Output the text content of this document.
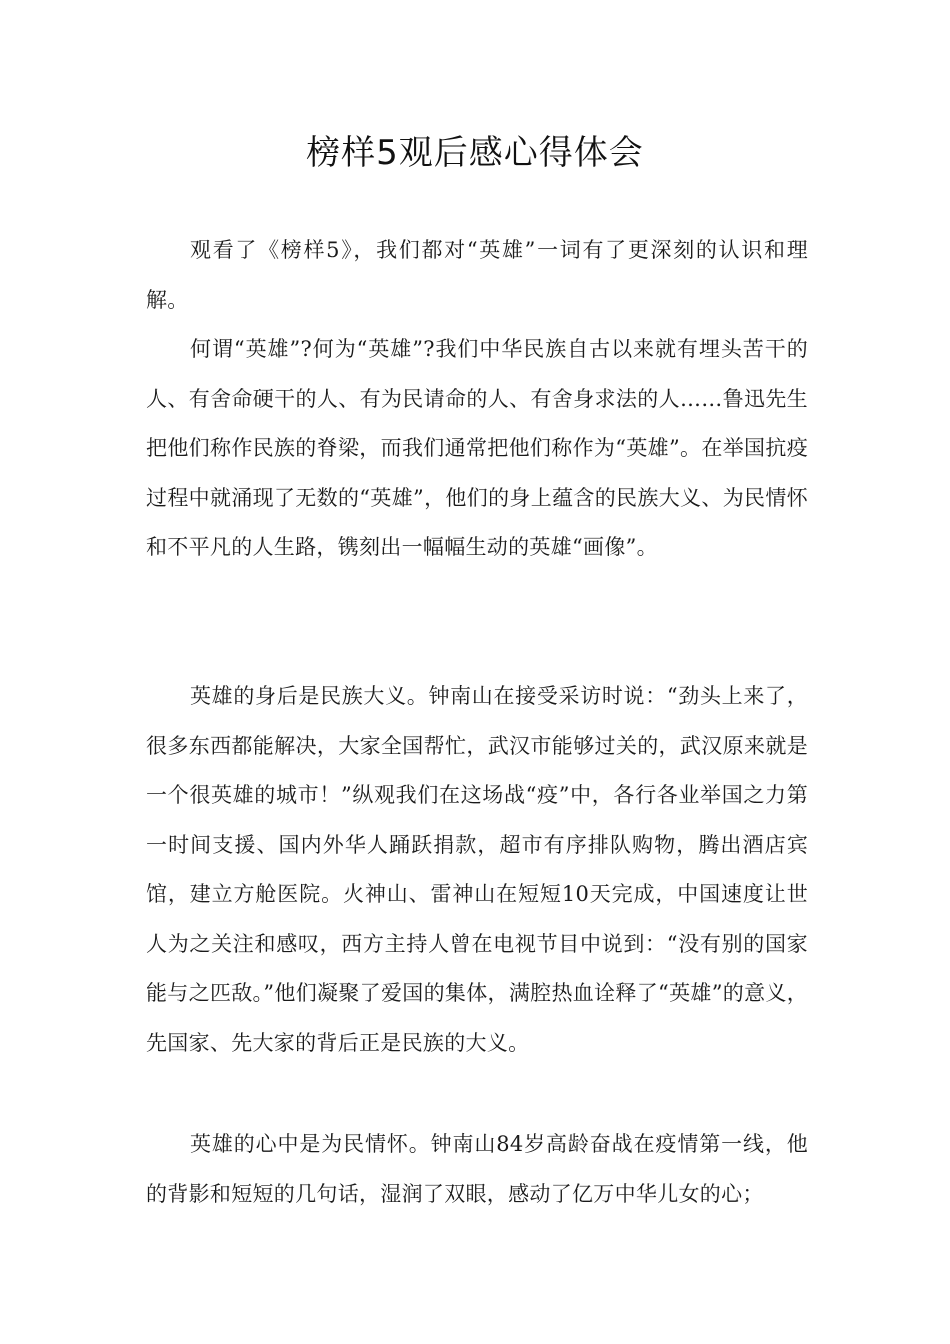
榜样5观后感心得体会

观看了《榜样5》，我们都对“英雄”一词有了更深刻的认识和理解。

何谓“英雄”?何为“英雄”?我们中华民族自古以来就有埋头苦干的人、有舍命硬干的人、有为民请命的人、有舍身求法的人……鲁迅先生把他们称作民族的脊梁，而我们通常把他们称作为“英雄”。在举国抗疫过程中就涌现了无数的“英雄”，他们的身上蕴含的民族大义、为民情怀和不平凡的人生路，镌刻出一幅幅生动的英雄“画像”。

英雄的身后是民族大义。钟南山在接受采访时说：“劲头上来了，很多东西都能解决，大家全国帮忙，武汉市能够过关的，武汉原来就是一个很英雄的城市！”纵观我们在这场战“疫”中，各行各业举国之力第一时间支援、国内外华人踊跃捐款，超市有序排队购物，腾出酒店宾馆，建立方舱医院。火神山、雷神山在短短10天完成，中国速度让世人为之关注和感叹，西方主持人曾在电视节目中说到：“没有别的国家能与之匹敌。”他们凝聚了爱国的集体，满腔热血诠释了“英雄”的意义，先国家、先大家的背后正是民族的大义。

英雄的心中是为民情怀。钟南山84岁高龄奋战在疫情第一线，他的背影和短短的几句话，湿润了双眼，感动了亿万中华儿女的心；
